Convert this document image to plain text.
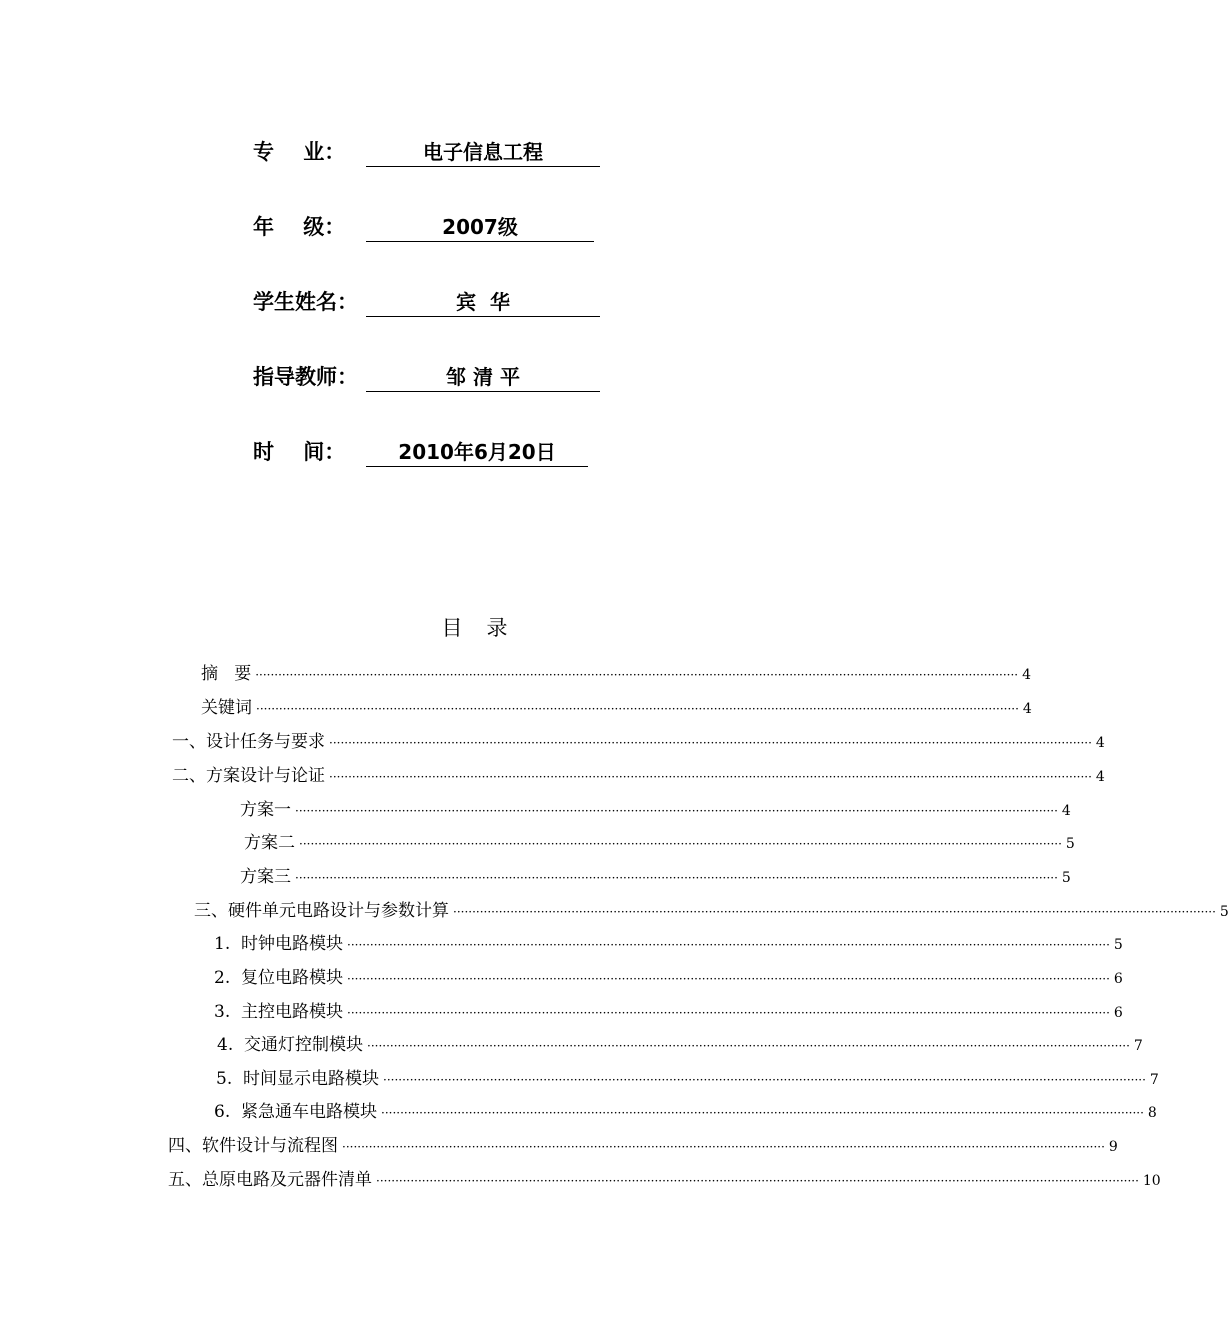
专    业：	电子信息工程
年    级：	2007级
学生姓名：	宾  华
指导教师：	邹 清 平
时    间：	2010年6月20日
目   录
摘   要 ········································································································································································································ 4
关键词 ········································································································································································································ 4
一、设计任务与要求 ········································································································································································································ 4
二、方案设计与论证 ········································································································································································································ 4
方案一 ········································································································································································································ 4
方案二 ········································································································································································································ 5
方案三 ········································································································································································································ 5
三、硬件单元电路设计与参数计算 ········································································································································································································ 5
1.  时钟电路模块 ········································································································································································································ 5
2.  复位电路模块 ········································································································································································································ 6
3.  主控电路模块 ········································································································································································································ 6
4.  交通灯控制模块 ········································································································································································································ 7
5.  时间显示电路模块 ········································································································································································································ 7
6.  紧急通车电路模块 ········································································································································································································ 8
四、软件设计与流程图 ········································································································································································································ 9
五、总原电路及元器件清单 ········································································································································································································ 10
